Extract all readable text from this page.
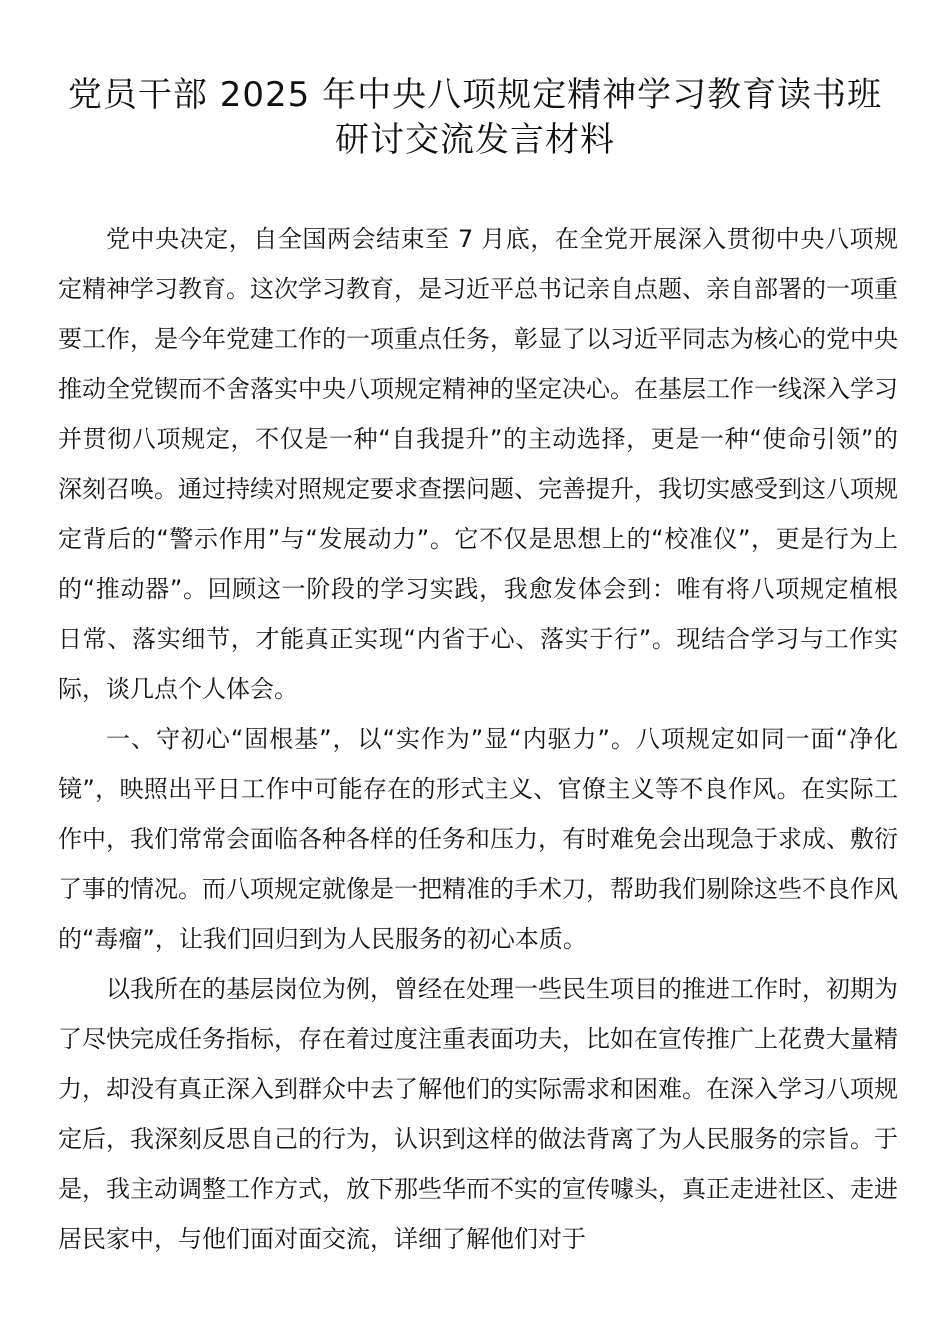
党员干部 2025 年中央八项规定精神学习教育读书班
研讨交流发言材料

党中央决定，自全国两会结束至 7 月底，在全党开展深入贯彻中央八项规定精神学习教育。这次学习教育，是习近平总书记亲自点题、亲自部署的一项重要工作，是今年党建工作的一项重点任务，彰显了以习近平同志为核心的党中央推动全党锲而不舍落实中央八项规定精神的坚定决心。在基层工作一线深入学习并贯彻八项规定，不仅是一种“自我提升”的主动选择，更是一种“使命引领”的深刻召唤。通过持续对照规定要求查摆问题、完善提升，我切实感受到这八项规定背后的“警示作用”与“发展动力”。它不仅是思想上的“校准仪”，更是行为上的“推动器”。回顾这一阶段的学习实践，我愈发体会到：唯有将八项规定植根日常、落实细节，才能真正实现“内省于心、落实于行”。现结合学习与工作实际，谈几点个人体会。

一、守初心“固根基”，以“实作为”显“内驱力”。八项规定如同一面“净化镜”，映照出平日工作中可能存在的形式主义、官僚主义等不良作风。在实际工作中，我们常常会面临各种各样的任务和压力，有时难免会出现急于求成、敷衍了事的情况。而八项规定就像是一把精准的手术刀，帮助我们剔除这些不良作风的“毒瘤”，让我们回归到为人民服务的初心本质。

以我所在的基层岗位为例，曾经在处理一些民生项目的推进工作时，初期为了尽快完成任务指标，存在着过度注重表面功夫，比如在宣传推广上花费大量精力，却没有真正深入到群众中去了解他们的实际需求和困难。在深入学习八项规定后，我深刻反思自己的行为，认识到这样的做法背离了为人民服务的宗旨。于是，我主动调整工作方式，放下那些华而不实的宣传噱头，真正走进社区、走进居民家中，与他们面对面交流，详细了解他们对于
